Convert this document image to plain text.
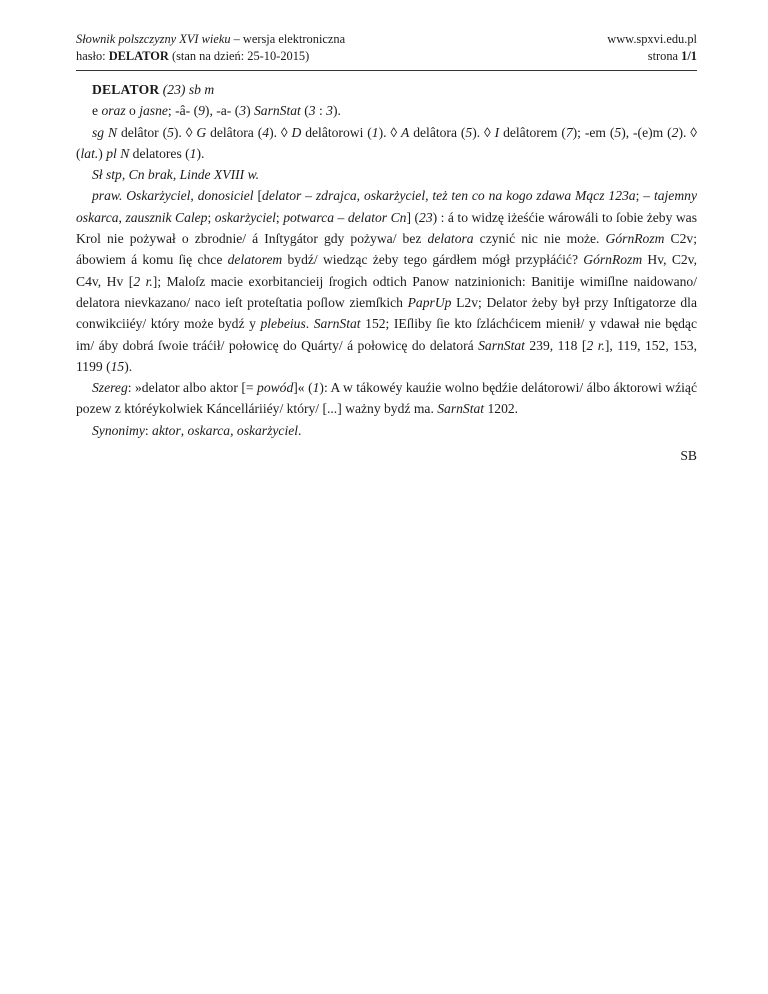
Słownik polszczyzny XVI wieku – wersja elektroniczna
hasło: DELATOR (stan na dzień: 25-10-2015)
www.spxvi.edu.pl
strona 1/1

DELATOR (23) sb m

e oraz o jasne; -â- (9), -a- (3) SarnStat (3 : 3).

sg N delâtor (5). ◊ G delâtora (4). ◊ D delâtorowi (1). ◊ A delâtora (5). ◊ I delâtorem (7); -em (5), -(e)m (2). ◊ (lat.) pl N delatores (1).

Sł stp, Cn brak, Linde XVIII w.

praw. Oskarżyciel, donosiciel [delator – zdrajca, oskarżyciel, też ten co na kogo zdawa Mącz 123a; – tajemny oskarca, zausznik Calep; oskarżyciel; potwarca – delator Cn] (23) : á to widzę iżeśćie wárowáli to ſobie żeby was Krol nie pożywał o zbrodnie/ á Inſtygátor gdy pożywa/ bez delatora czynić nic nie może. GórnRozm C2v; ábowiem á komu ſię chce delatorem bydź/ wiedząc żeby tego gárdłem mógł przypłáćić? GórnRozm Hv, C2v, C4v, Hv [2 r.]; Maloſz macie exorbitancieij ſrogich odtich Panow natzinionich: Banitije wimiſlne naidowano/ delatora nievkazano/ naco ieſt proteſtatia poſlow ziemſkich PaprUp L2v; Delator żeby był przy Inſtigatorze dla conwikciiéy/ który może bydź y plebeius. SarnStat 152; IEſliby ſie kto ſzláchćicem mienił/ y vdawał nie będąc im/ áby dobrá ſwoie tráćił/ połowicę do Quárty/ á połowicę do delatorá SarnStat 239, 118 [2 r.], 119, 152, 153, 1199 (15).

Szereg: »delator albo aktor [= powód]« (1): A w tákowéy kauźie wolno będźie delátorowi/ álbo áktorowi wźiąć pozew z któréykolwiek Káncelláriiéy/ który/ [...] ważny bydź ma. SarnStat 1202.

Synonimy: aktor, oskarca, oskarżyciel.

SB
